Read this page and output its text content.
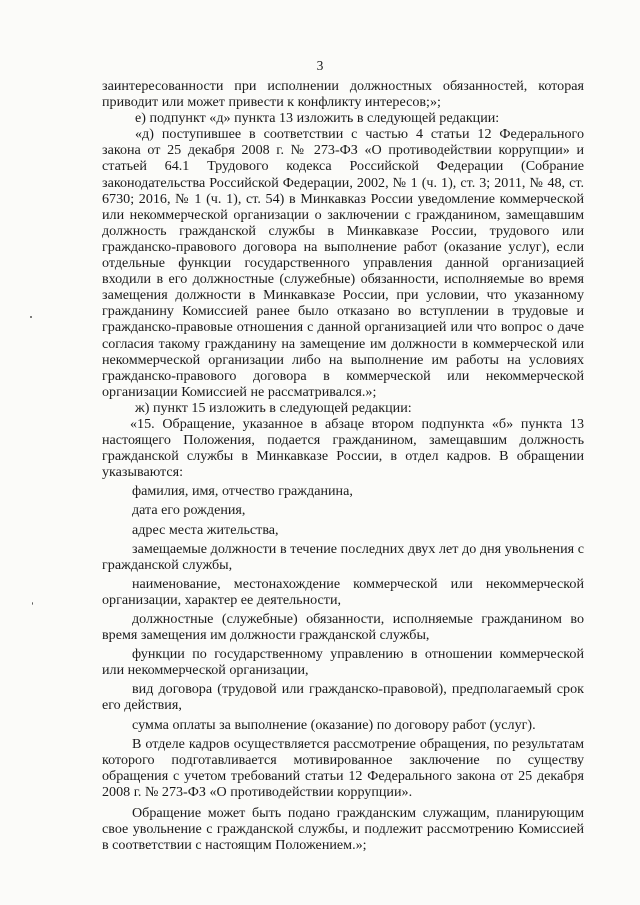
3

заинтересованности при исполнении должностных обязанностей, которая приводит или может привести к конфликту интересов;»;

е) подпункт «д» пункта 13 изложить в следующей редакции:

«д) поступившее в соответствии с частью 4 статьи 12 Федерального закона от 25 декабря 2008 г. № 273-ФЗ «О противодействии коррупции» и статьей 64.1 Трудового кодекса Российской Федерации (Собрание законодательства Российской Федерации, 2002, № 1 (ч. 1), ст. 3; 2011, № 48, ст. 6730; 2016, № 1 (ч. 1), ст. 54) в Минкавказ России уведомление коммерческой или некоммерческой организации о заключении с гражданином, замещавшим должность гражданской службы в Минкавказе России, трудового или гражданско-правового договора на выполнение работ (оказание услуг), если отдельные функции государственного управления данной организацией входили в его должностные (служебные) обязанности, исполняемые во время замещения должности в Минкавказе России, при условии, что указанному гражданину Комиссией ранее было отказано во вступлении в трудовые и гражданско-правовые отношения с данной организацией или что вопрос о даче согласия такому гражданину на замещение им должности в коммерческой или некоммерческой организации либо на выполнение им работы на условиях гражданско-правового договора в коммерческой или некоммерческой организации Комиссией не рассматривался.»;

ж) пункт 15 изложить в следующей редакции:

«15. Обращение, указанное в абзаце втором подпункта «б» пункта 13 настоящего Положения, подается гражданином, замещавшим должность гражданской службы в Минкавказе России, в отдел кадров. В обращении указываются:

фамилия, имя, отчество гражданина,

дата его рождения,

адрес места жительства,

замещаемые должности в течение последних двух лет до дня увольнения с гражданской службы,

наименование, местонахождение коммерческой или некоммерческой организации, характер ее деятельности,

должностные (служебные) обязанности, исполняемые гражданином во время замещения им должности гражданской службы,

функции по государственному управлению в отношении коммерческой или некоммерческой организации,

вид договора (трудовой или гражданско-правовой), предполагаемый срок его действия,

сумма оплаты за выполнение (оказание) по договору работ (услуг).

В отделе кадров осуществляется рассмотрение обращения, по результатам которого подготавливается мотивированное заключение по существу обращения с учетом требований статьи 12 Федерального закона от 25 декабря 2008 г. № 273-ФЗ «О противодействии коррупции».

Обращение может быть подано гражданским служащим, планирующим свое увольнение с гражданской службы, и подлежит рассмотрению Комиссией в соответствии с настоящим Положением.»;
